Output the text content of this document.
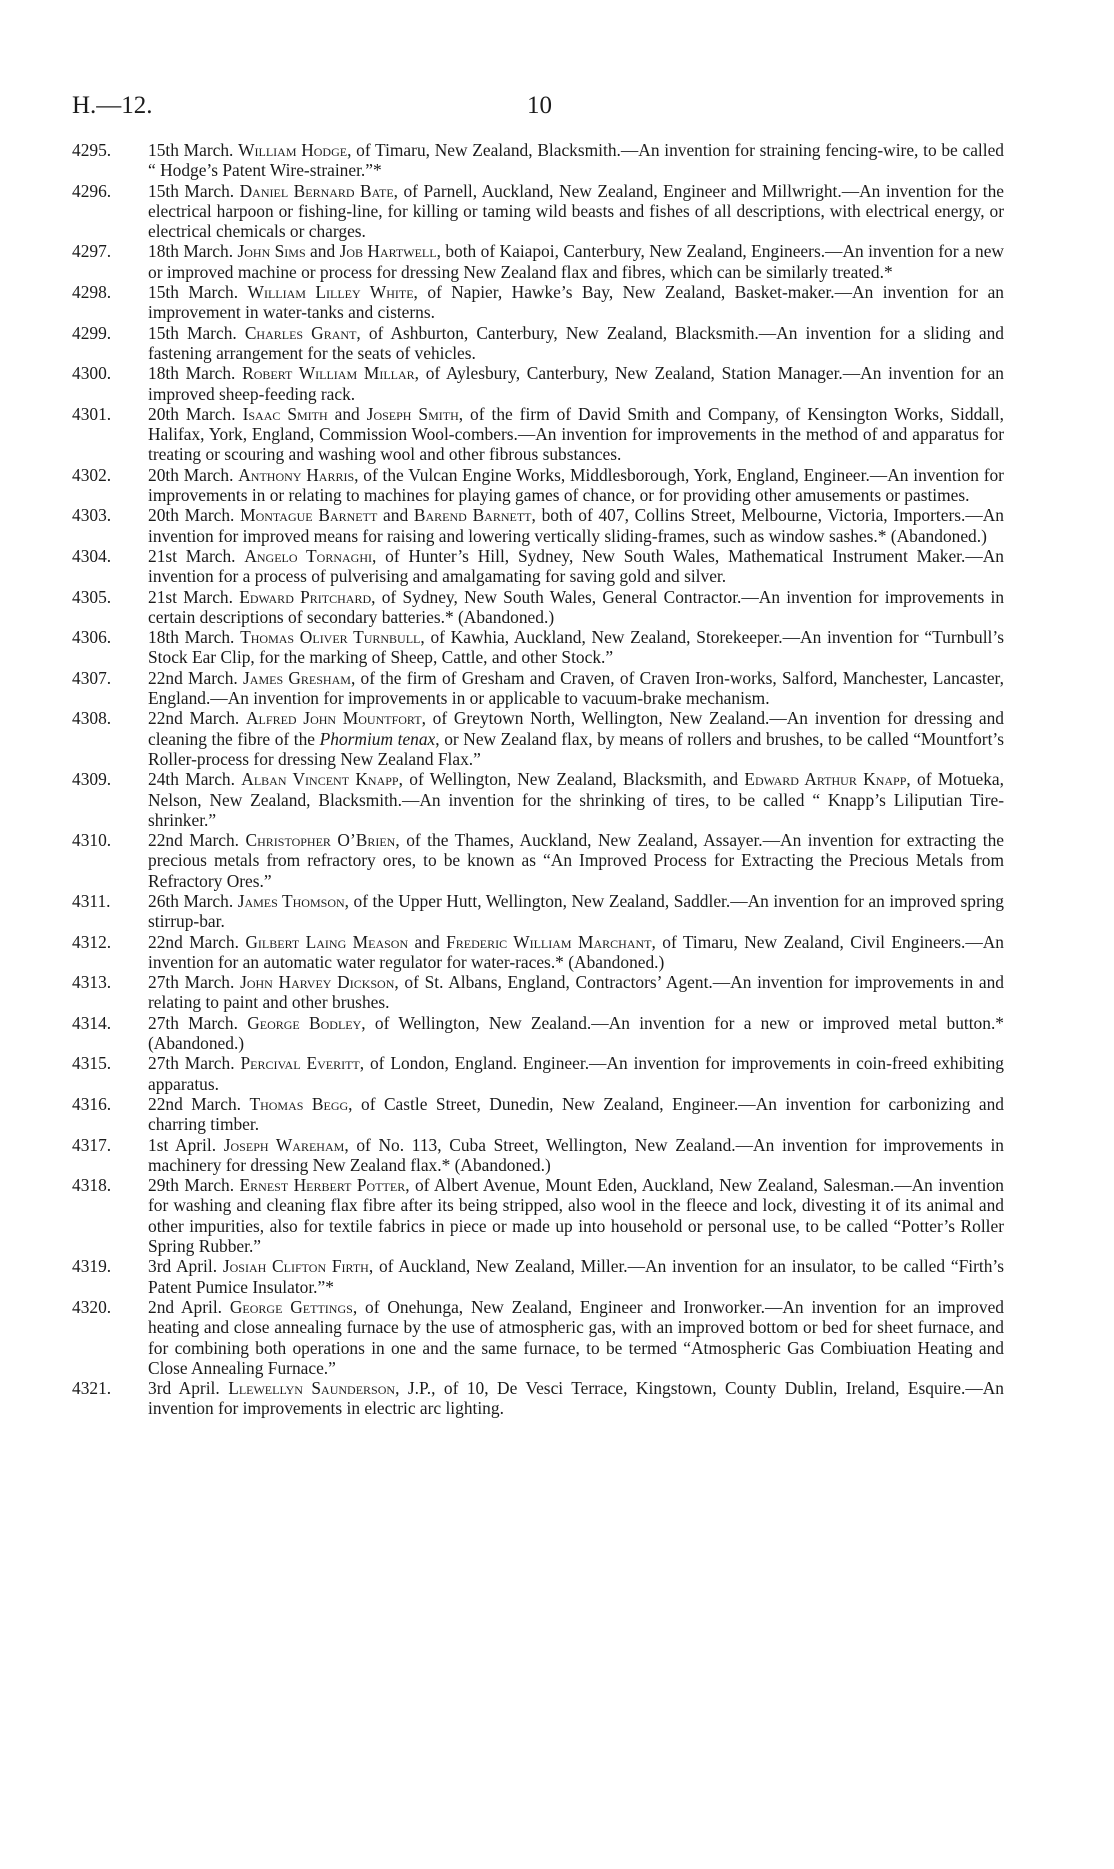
H.—12.	10
4295. 15th March. William Hodge, of Timaru, New Zealand, Blacksmith.—An invention for straining fencing-wire, to be called “ Hodge’s Patent Wire-strainer.”*
4296. 15th March. Daniel Bernard Bate, of Parnell, Auckland, New Zealand, Engineer and Millwright.—An invention for the electrical harpoon or fishing-line, for killing or taming wild beasts and fishes of all descriptions, with electrical energy, or electrical chemicals or charges.
4297. 18th March. John Sims and Job Hartwell, both of Kaiapoi, Canterbury, New Zealand, Engineers.—An invention for a new or improved machine or process for dressing New Zealand flax and fibres, which can be similarly treated.*
4298. 15th March. William Lilley White, of Napier, Hawke’s Bay, New Zealand, Basket-maker.—An invention for an improvement in water-tanks and cisterns.
4299. 15th March. Charles Grant, of Ashburton, Canterbury, New Zealand, Blacksmith.—An invention for a sliding and fastening arrangement for the seats of vehicles.
4300. 18th March. Robert William Millar, of Aylesbury, Canterbury, New Zealand, Station Manager.—An invention for an improved sheep-feeding rack.
4301. 20th March. Isaac Smith and Joseph Smith, of the firm of David Smith and Company, of Kensington Works, Siddall, Halifax, York, England, Commission Wool-combers.—An invention for improvements in the method of and apparatus for treating or scouring and washing wool and other fibrous substances.
4302. 20th March. Anthony Harris, of the Vulcan Engine Works, Middlesborough, York, England, Engineer.—An invention for improvements in or relating to machines for playing games of chance, or for providing other amusements or pastimes.
4303. 20th March. Montague Barnett and Barend Barnett, both of 407, Collins Street, Melbourne, Victoria, Importers.—An invention for improved means for raising and lowering vertically sliding-frames, such as window sashes.* (Abandoned.)
4304. 21st March. Angelo Tornaghi, of Hunter’s Hill, Sydney, New South Wales, Mathematical Instrument Maker.—An invention for a process of pulverising and amalgamating for saving gold and silver.
4305. 21st March. Edward Pritchard, of Sydney, New South Wales, General Contractor.—An invention for improvements in certain descriptions of secondary batteries.* (Abandoned.)
4306. 18th March. Thomas Oliver Turnbull, of Kawhia, Auckland, New Zealand, Storekeeper.—An invention for “Turnbull’s Stock Ear Clip, for the marking of Sheep, Cattle, and other Stock.”
4307. 22nd March. James Gresham, of the firm of Gresham and Craven, of Craven Iron-works, Salford, Manchester, Lancaster, England.—An invention for improvements in or applicable to vacuum-brake mechanism.
4308. 22nd March. Alfred John Mountfort, of Greytown North, Wellington, New Zealand.—An invention for dressing and cleaning the fibre of the Phormium tenax, or New Zealand flax, by means of rollers and brushes, to be called “Mountfort’s Roller-process for dressing New Zealand Flax.”
4309. 24th March. Alban Vincent Knapp, of Wellington, New Zealand, Blacksmith, and Edward Arthur Knapp, of Motueka, Nelson, New Zealand, Blacksmith.—An invention for the shrinking of tires, to be called “ Knapp’s Liliputian Tire-shrinker.”
4310. 22nd March. Christopher O’Brien, of the Thames, Auckland, New Zealand, Assayer.—An invention for extracting the precious metals from refractory ores, to be known as “An Improved Process for Extracting the Precious Metals from Refractory Ores.”
4311. 26th March. James Thomson, of the Upper Hutt, Wellington, New Zealand, Saddler.—An invention for an improved spring stirrup-bar.
4312. 22nd March. Gilbert Laing Meason and Frederic William Marchant, of Timaru, New Zealand, Civil Engineers.—An invention for an automatic water regulator for water-races.* (Abandoned.)
4313. 27th March. John Harvey Dickson, of St. Albans, England, Contractors’ Agent.—An invention for improvements in and relating to paint and other brushes.
4314. 27th March. George Bodley, of Wellington, New Zealand.—An invention for a new or improved metal button.* (Abandoned.)
4315. 27th March. Percival Everitt, of London, England. Engineer.—An invention for improvements in coin-freed exhibiting apparatus.
4316. 22nd March. Thomas Begg, of Castle Street, Dunedin, New Zealand, Engineer.—An invention for carbonizing and charring timber.
4317. 1st April. Joseph Wareham, of No. 113, Cuba Street, Wellington, New Zealand.—An invention for improvements in machinery for dressing New Zealand flax.* (Abandoned.)
4318. 29th March. Ernest Herbert Potter, of Albert Avenue, Mount Eden, Auckland, New Zealand, Salesman.—An invention for washing and cleaning flax fibre after its being stripped, also wool in the fleece and lock, divesting it of its animal and other impurities, also for textile fabrics in piece or made up into household or personal use, to be called “Potter’s Roller Spring Rubber.”
4319. 3rd April. Josiah Clifton Firth, of Auckland, New Zealand, Miller.—An invention for an insulator, to be called “Firth’s Patent Pumice Insulator.”*
4320. 2nd April. George Gettings, of Onehunga, New Zealand, Engineer and Ironworker.—An invention for an improved heating and close annealing furnace by the use of atmospheric gas, with an improved bottom or bed for sheet furnace, and for combining both operations in one and the same furnace, to be termed “Atmospheric Gas Combiuation Heating and Close Annealing Furnace.”
4321. 3rd April. Llewellyn Saunderson, J.P., of 10, De Vesci Terrace, Kingstown, County Dublin, Ireland, Esquire.—An invention for improvements in electric arc lighting.
